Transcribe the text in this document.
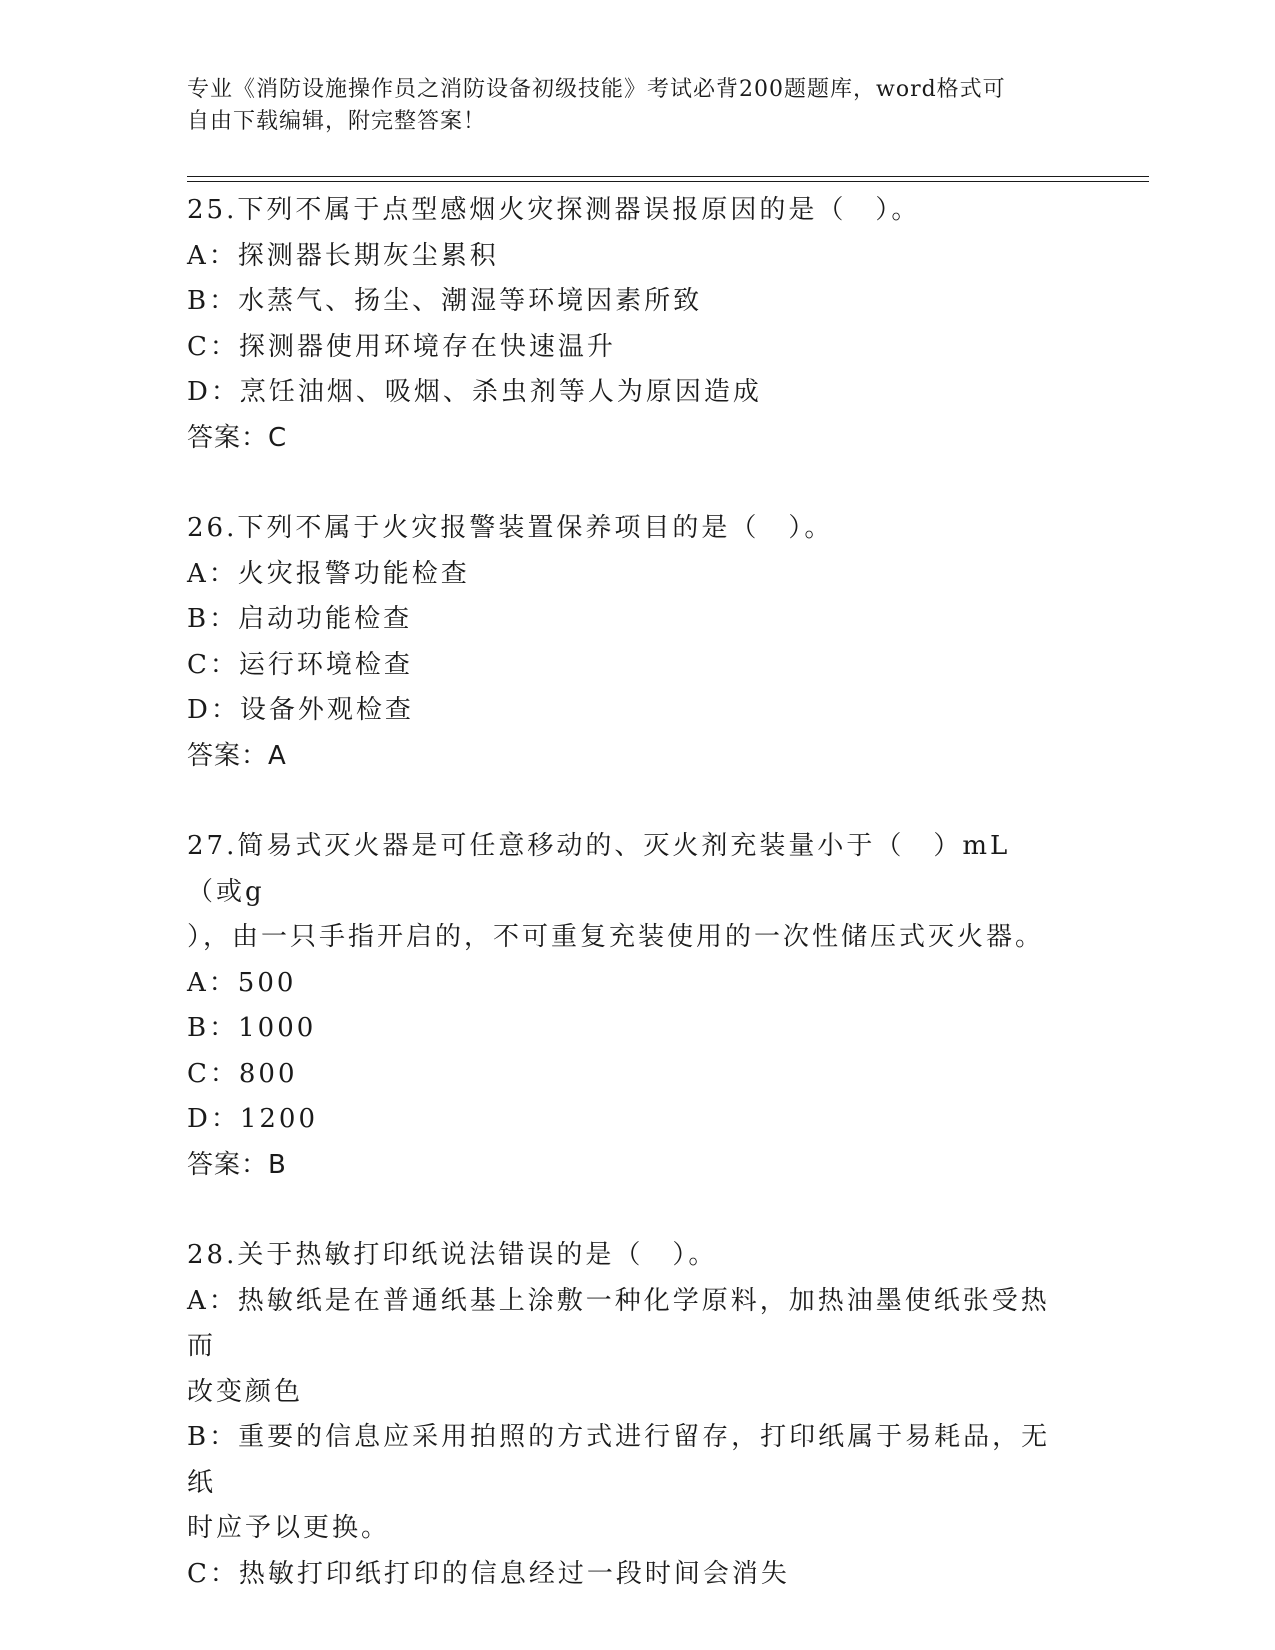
专业《消防设施操作员之消防设备初级技能》考试必背200题题库，word格式可
自由下载编辑，附完整答案！

25.下列不属于点型感烟火灾探测器误报原因的是（　）。

A：探测器长期灰尘累积

B：水蒸气、扬尘、潮湿等环境因素所致

C：探测器使用环境存在快速温升

D：烹饪油烟、吸烟、杀虫剂等人为原因造成

答案：C

26.下列不属于火灾报警装置保养项目的是（　）。

A：火灾报警功能检查

B：启动功能检查

C：运行环境检查

D：设备外观检查

答案：A

27.简易式灭火器是可任意移动的、灭火剂充装量小于（　）mL（或g

），由一只手指开启的，不可重复充装使用的一次性储压式灭火器。

A：500

B：1000

C：800

D：1200

答案：B

28.关于热敏打印纸说法错误的是（　）。

A：热敏纸是在普通纸基上涂敷一种化学原料，加热油墨使纸张受热而

改变颜色

B：重要的信息应采用拍照的方式进行留存，打印纸属于易耗品，无纸

时应予以更换。

C：热敏打印纸打印的信息经过一段时间会消失
